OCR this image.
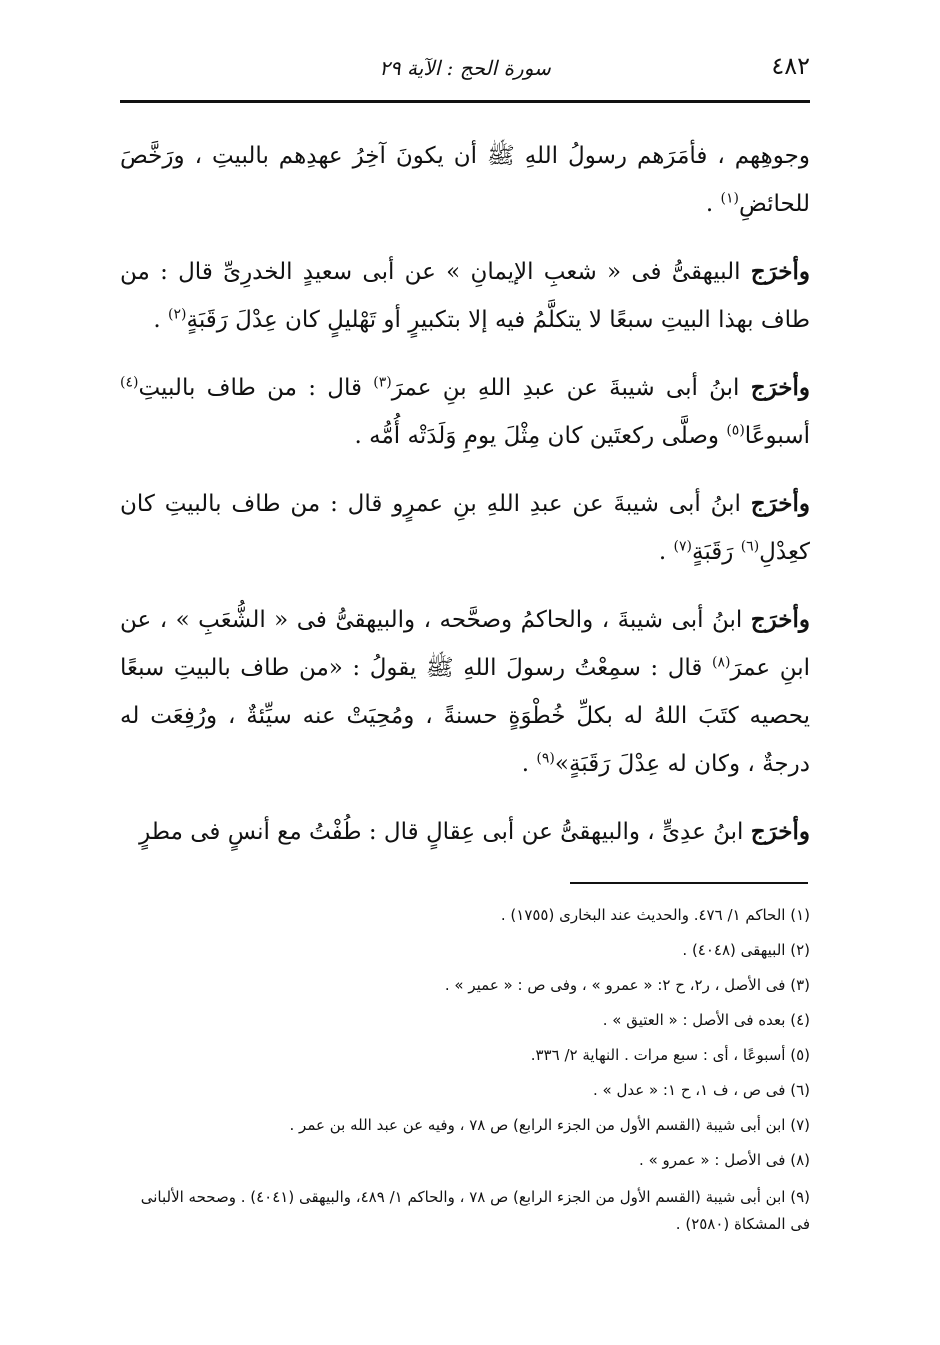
٤٨٢
سورة الحج : الآية ٢٩

وجوهِهم ، فأمَرَهم رسولُ اللهِ ﷺ أن يكونَ آخِرُ عهدِهم بالبيتِ ، ورَخَّصَ للحائضِ$^{(١)}$ .

وأخرَج البيهقىُّ فى « شعبِ الإيمانِ » عن أبى سعيدٍ الخدرِىِّ قال : من طاف بهذا البيتِ سبعًا لا يتكلَّمُ فيه إلا بتكبيرٍ أو تَهْليلٍ كان عِدْلَ رَقَبَةٍ$^{(٢)}$ .

وأخرَج ابنُ أبى شيبةَ عن عبدِ اللهِ بنِ عمرَ$^{(٣)}$ قال : من طاف بالبيتِ$^{(٤)}$ أسبوعًا$^{(٥)}$ وصلَّى ركعتَين كان مِثْلَ يومِ وَلَدَتْه أُمُّه .

وأخرَج ابنُ أبى شيبةَ عن عبدِ اللهِ بنِ عمرٍو قال : من طاف بالبيتِ كان كعِدْلِ$^{(٦)}$ رَقَبَةٍ$^{(٧)}$ .

وأخرَج ابنُ أبى شيبةَ ، والحاكمُ وصحَّحه ، والبيهقىُّ فى « الشُّعَبِ » ، عن ابنِ عمرَ$^{(٨)}$ قال : سمِعْتُ رسولَ اللهِ ﷺ يقولُ : «من طاف بالبيتِ سبعًا يحصيه كتَبَ اللهُ له بكلِّ خُطْوَةٍ حسنةً ، ومُحِيَتْ عنه سيِّئةٌ ، ورُفِعَت له درجةٌ ، وكان له عِدْلَ رَقَبَةٍ»$^{(٩)}$ .

وأخرَج ابنُ عدِىٍّ ، والبيهقىُّ عن أبى عِقالٍ قال : طُفْتُ مع أنسٍ فى مطرٍ

(١) الحاكم ١/ ٤٧٦. والحديث عند البخارى (١٧٥٥) .

(٢) البيهقى (٤٠٤٨) .

(٣) فى الأصل ، ر٢، ح ٢: « عمرو » ، وفى ص : « عمير » .

(٤) بعده فى الأصل : « العتيق » .

(٥) أسبوعًا ، أى : سبع مرات . النهاية ٢/ ٣٣٦.

(٦) فى ص ، ف ١، ح ١: « عدل » .

(٧) ابن أبى شيبة (القسم الأول من الجزء الرابع) ص ٧٨ ، وفيه عن عبد الله بن عمر .

(٨) فى الأصل : « عمرو » .

(٩) ابن أبى شيبة (القسم الأول من الجزء الرابع) ص ٧٨ ، والحاكم ١/ ٤٨٩، والبيهقى (٤٠٤١) . وصححه الألبانى فى المشكاة (٢٥٨٠) .
